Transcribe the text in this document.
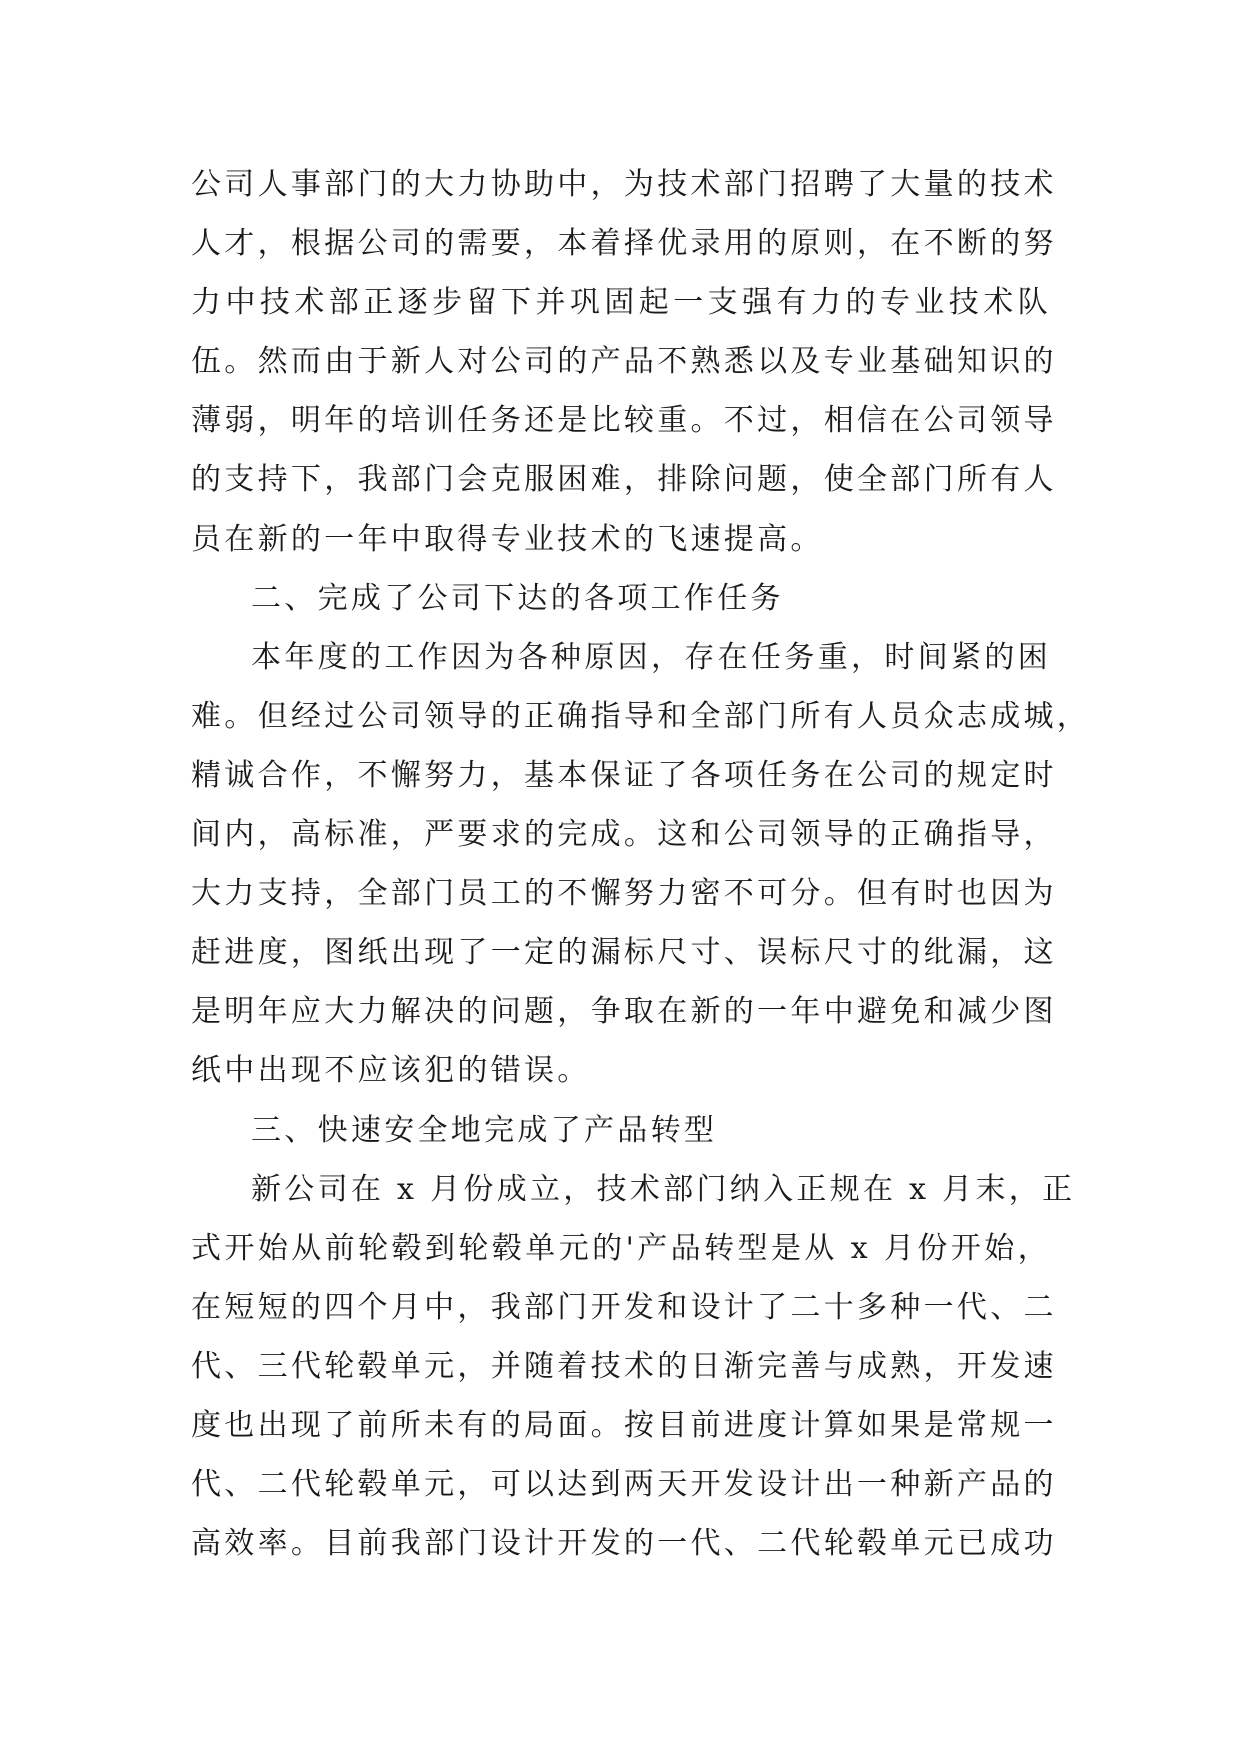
公司人事部门的大力协助中，为技术部门招聘了大量的技术
人才，根据公司的需要，本着择优录用的原则，在不断的努
力中技术部正逐步留下并巩固起一支强有力的专业技术队
伍。然而由于新人对公司的产品不熟悉以及专业基础知识的
薄弱，明年的培训任务还是比较重。不过，相信在公司领导
的支持下，我部门会克服困难，排除问题，使全部门所有人
员在新的一年中取得专业技术的飞速提高。
二、完成了公司下达的各项工作任务
本年度的工作因为各种原因，存在任务重，时间紧的困
难。但经过公司领导的正确指导和全部门所有人员众志成城，
精诚合作，不懈努力，基本保证了各项任务在公司的规定时
间内，高标准，严要求的完成。这和公司领导的正确指导，
大力支持，全部门员工的不懈努力密不可分。但有时也因为
赶进度，图纸出现了一定的漏标尺寸、误标尺寸的纰漏，这
是明年应大力解决的问题，争取在新的一年中避免和减少图
纸中出现不应该犯的错误。
三、快速安全地完成了产品转型
新公司在 x 月份成立，技术部门纳入正规在 x 月末，正
式开始从前轮毂到轮毂单元的'产品转型是从 x 月份开始，
在短短的四个月中，我部门开发和设计了二十多种一代、二
代、三代轮毂单元，并随着技术的日渐完善与成熟，开发速
度也出现了前所未有的局面。按目前进度计算如果是常规一
代、二代轮毂单元，可以达到两天开发设计出一种新产品的
高效率。目前我部门设计开发的一代、二代轮毂单元已成功
